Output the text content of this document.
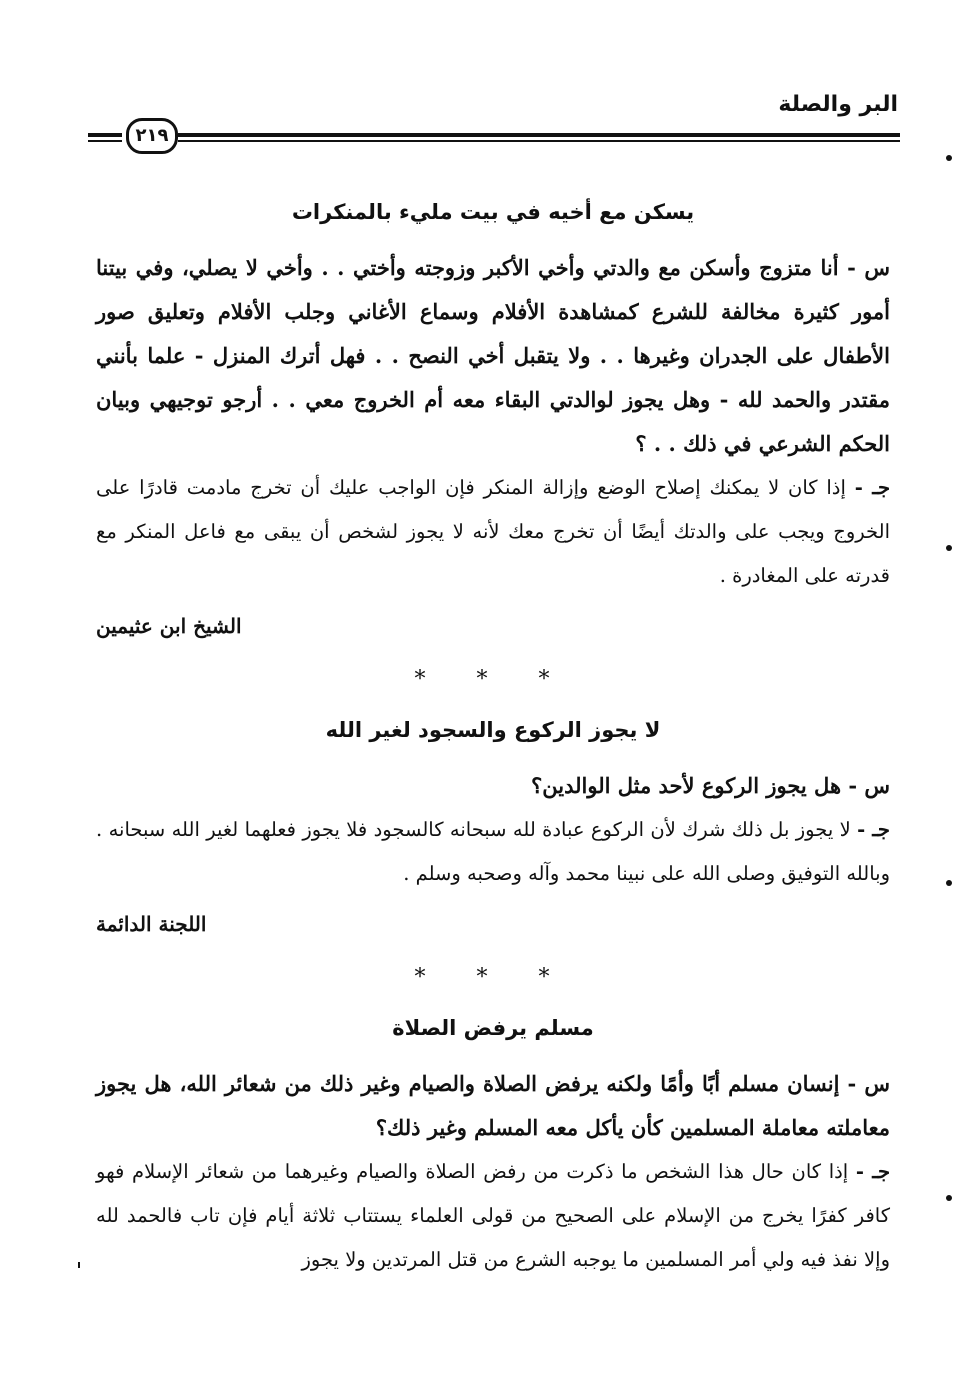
البر والصلة
٢١٩
يسكن مع أخيه في بيت مليء بالمنكرات

س - أنا متزوج وأسكن مع والدتي وأخي الأكبر وزوجته وأختي . . وأخي لا يصلي، وفي بيتنا أمور كثيرة مخالفة للشرع كمشاهدة الأفلام وسماع الأغاني وجلب الأفلام وتعليق صور الأطفال على الجدران وغيرها . . ولا يتقبل أخي النصح . . فهل أترك المنزل - علما بأنني مقتدر والحمد لله - وهل يجوز لوالدتي البقاء معه أم الخروج معي . . أرجو توجيهي وبيان الحكم الشرعي في ذلك . . ؟

جـ - إذا كان لا يمكنك إصلاح الوضع وإزالة المنكر فإن الواجب عليك أن تخرج مادمت قادرًا على الخروج ويجب على والدتك أيضًا أن تخرج معك لأنه لا يجوز لشخص أن يبقى مع فاعل المنكر مع قدرته على المغادرة .

الشيخ ابن عثيمين
* * *
لا يجوز الركوع والسجود لغير الله

س - هل يجوز الركوع لأحد مثل الوالدين؟

جـ - لا يجوز بل ذلك شرك لأن الركوع عبادة لله سبحانه كالسجود فلا يجوز فعلهما لغير الله سبحانه . وبالله التوفيق وصلى الله على نبينا محمد وآله وصحبه وسلم .

اللجنة الدائمة
* * *
مسلم يرفض الصلاة

س - إنسان مسلم أبًا وأمًا ولكنه يرفض الصلاة والصيام وغير ذلك من شعائر الله، هل يجوز معاملته معاملة المسلمين كأن يأكل معه المسلم وغير ذلك؟

جـ - إذا كان حال هذا الشخص ما ذكرت من رفض الصلاة والصيام وغيرهما من شعائر الإسلام فهو كافر كفرًا يخرج من الإسلام على الصحيح من قولى العلماء يستتاب ثلاثة أيام فإن تاب فالحمد لله وإلا نفذ فيه ولي أمر المسلمين ما يوجبه الشرع من قتل المرتدين ولا يجوز
